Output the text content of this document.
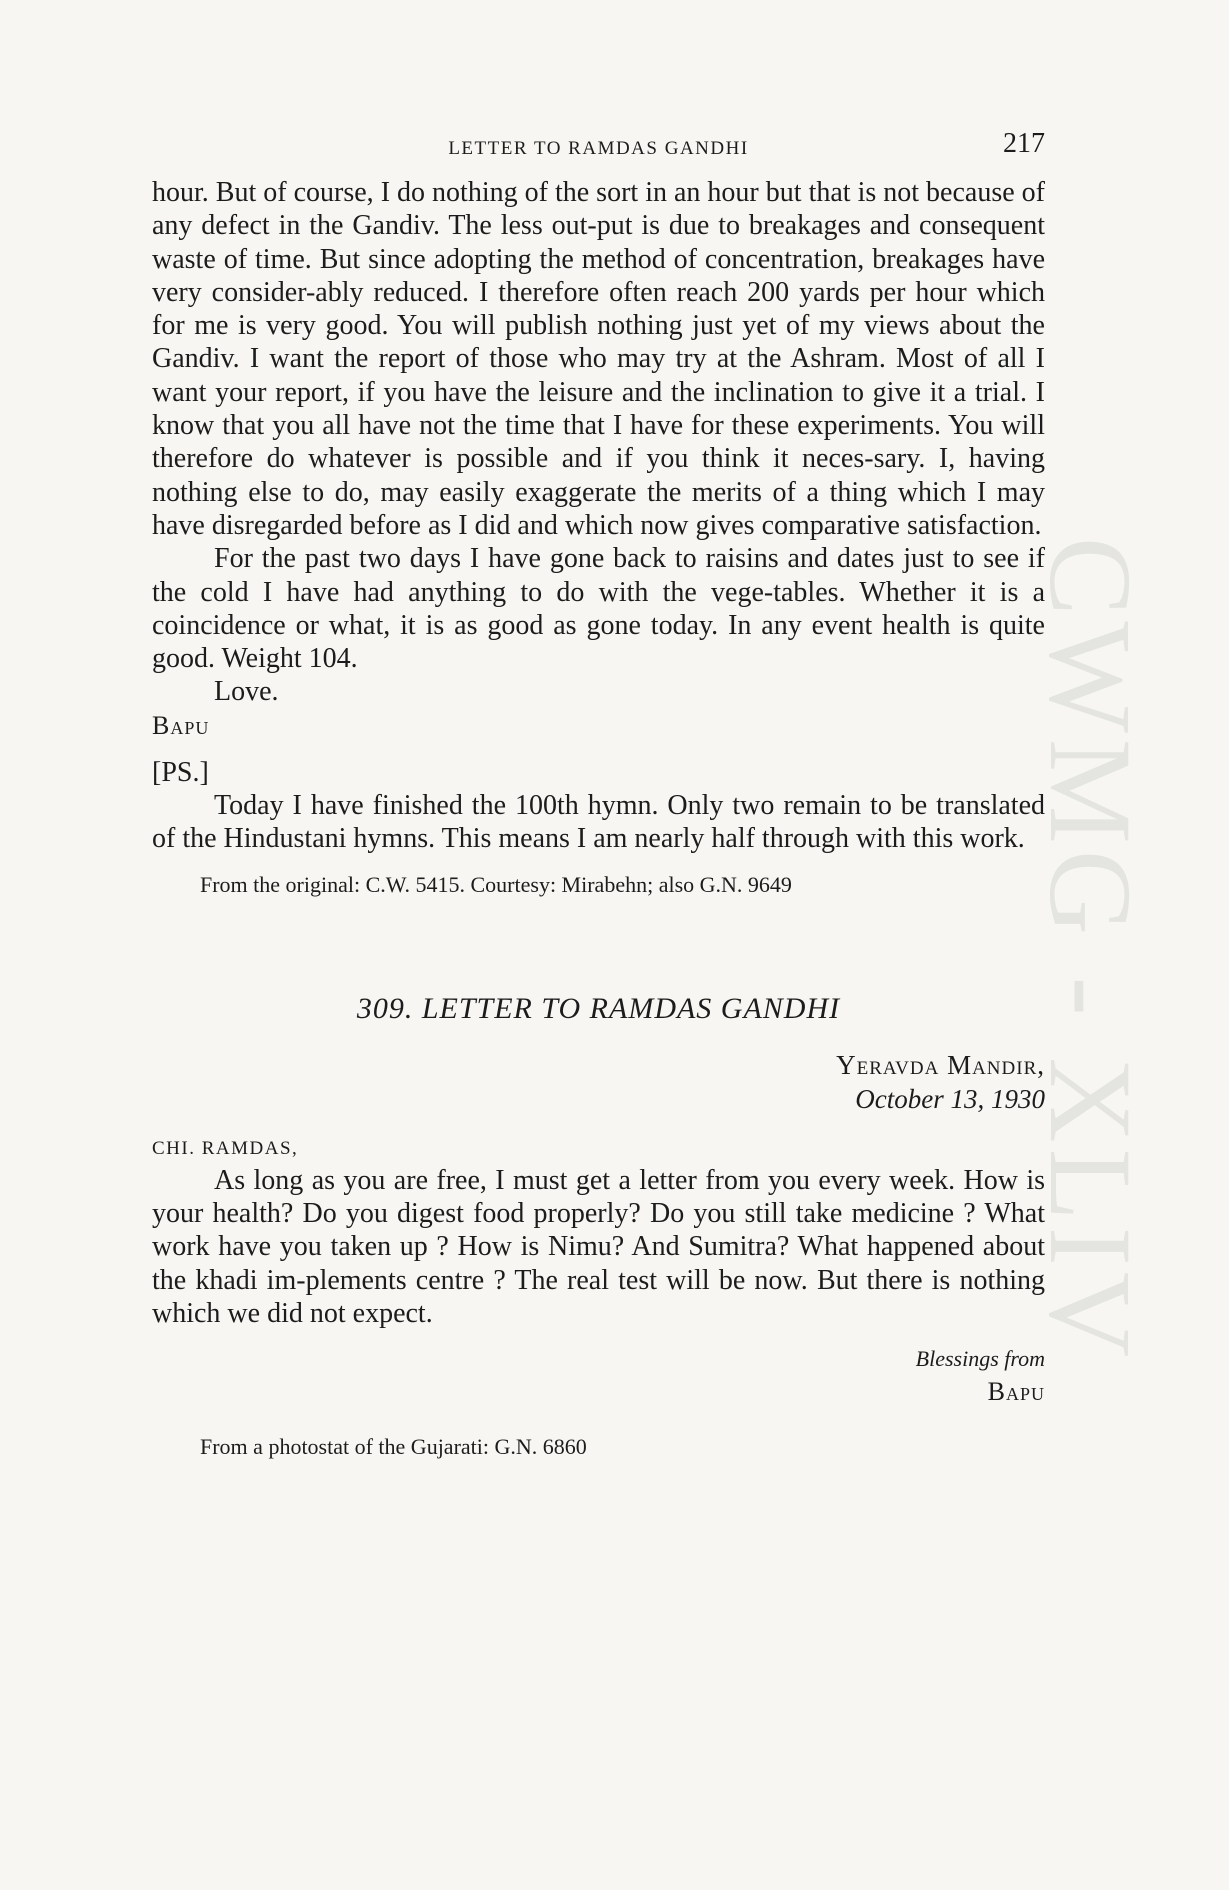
CWMG - XLIV
LETTER TO RAMDAS GANDHI	217

hour. But of course, I do nothing of the sort in an hour but that is not because of any defect in the Gandiv. The less out-put is due to breakages and consequent waste of time. But since adopting the method of concentration, breakages have very consider-ably reduced. I therefore often reach 200 yards per hour which for me is very good. You will publish nothing just yet of my views about the Gandiv. I want the report of those who may try at the Ashram. Most of all I want your report, if you have the leisure and the inclination to give it a trial. I know that you all have not the time that I have for these experiments. You will therefore do whatever is possible and if you think it neces-sary. I, having nothing else to do, may easily exaggerate the merits of a thing which I may have disregarded before as I did and which now gives comparative satisfaction.

For the past two days I have gone back to raisins and dates just to see if the cold I have had anything to do with the vege-tables. Whether it is a coincidence or what, it is as good as gone today. In any event health is quite good. Weight 104.

Love.

Bapu

[PS.]

Today I have finished the 100th hymn. Only two remain to be translated of the Hindustani hymns. This means I am nearly half through with this work.

From the original: C.W. 5415. Courtesy: Mirabehn; also G.N. 9649

309. LETTER TO RAMDAS GANDHI
Yeravda Mandir,
October 13, 1930
CHI. RAMDAS,

As long as you are free, I must get a letter from you every week. How is your health? Do you digest food properly? Do you still take medicine ? What work have you taken up ? How is Nimu? And Sumitra? What happened about the khadi im-plements centre ? The real test will be now. But there is nothing which we did not expect.

Blessings from
Bapu
From a photostat of the Gujarati: G.N. 6860
